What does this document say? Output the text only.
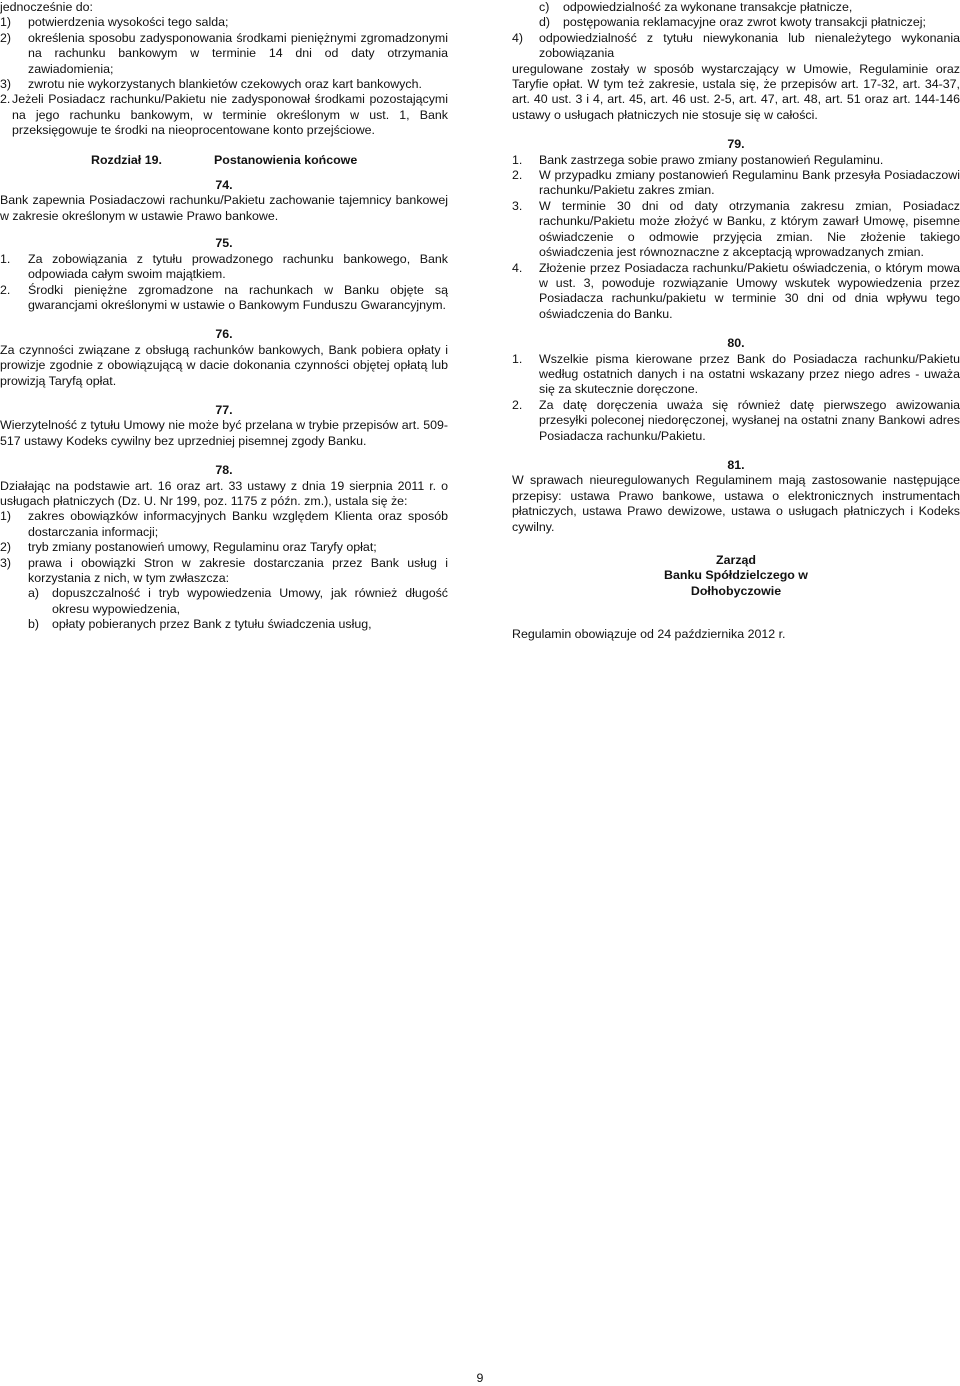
jednocześnie do:

1)	potwierdzenia wysokości tego salda;
2)	określenia sposobu zadysponowania środkami pieniężnymi zgromadzonymi na rachunku bankowym w terminie 14 dni od daty otrzymania zawiadomienia;
3)	zwrotu nie wykorzystanych blankietów czekowych oraz kart bankowych.
2. Jeżeli Posiadacz rachunku/Pakietu nie zadysponował środkami pozostającymi na jego rachunku bankowym, w terminie określonym w ust. 1, Bank przeksięgowuje te środki na nieoprocentowane konto przejściowe.
Rozdział 19.	Postanowienia końcowe

74.

Bank zapewnia Posiadaczowi rachunku/Pakietu zachowanie tajemnicy bankowej w zakresie określonym w ustawie Prawo bankowe.

75.

1.	Za zobowiązania z tytułu prowadzonego rachunku bankowego, Bank odpowiada całym swoim majątkiem.
2.	Środki pieniężne zgromadzone na rachunkach w Banku objęte są gwarancjami określonymi w ustawie o Bankowym Funduszu Gwarancyjnym.

76.

Za czynności związane z obsługą rachunków bankowych, Bank pobiera opłaty i prowizje zgodnie z obowiązującą w dacie dokonania czynności objętej opłatą lub prowizją Taryfą opłat.

77.

Wierzytelność z tytułu Umowy nie może być przelana w trybie przepisów art. 509-517 ustawy Kodeks cywilny bez uprzedniej pisemnej zgody Banku.

78.

Działając na podstawie art. 16 oraz art. 33 ustawy z dnia 19 sierpnia 2011 r. o usługach płatniczych (Dz. U. Nr 199, poz. 1175 z późn. zm.), ustala się że:

1)	zakres obowiązków informacyjnych Banku względem Klienta oraz sposób dostarczania informacji;
2)	tryb zmiany postanowień umowy, Regulaminu oraz Taryfy opłat;
3)	prawa i obowiązki Stron w zakresie dostarczania przez Bank usług i korzystania z nich, w tym zwłaszcza:
a)	dopuszczalność i tryb wypowiedzenia Umowy, jak również długość okresu wypowiedzenia,
b)	opłaty pobieranych przez Bank z tytułu świadczenia usług,
c)	odpowiedzialność za wykonane transakcje płatnicze,
d)	postępowania reklamacyjne oraz zwrot kwoty transakcji płatniczej;
4)	odpowiedzialność z tytułu niewykonania lub nienależytego wykonania zobowiązania

uregulowane zostały w sposób wystarczający w Umowie, Regulaminie oraz Taryfie opłat. W tym też zakresie, ustala się, że przepisów art. 17-32, art. 34-37, art. 40 ust. 3 i 4, art. 45, art. 46 ust. 2-5, art. 47, art. 48, art. 51 oraz art. 144-146 ustawy o usługach płatniczych nie stosuje się w całości.

79.

1.	Bank zastrzega sobie prawo zmiany postanowień Regulaminu.
2.	W przypadku zmiany postanowień Regulaminu Bank przesyła Posiadaczowi rachunku/Pakietu zakres zmian.
3.	W terminie 30 dni od daty otrzymania zakresu zmian, Posiadacz rachunku/Pakietu może złożyć w Banku, z którym zawarł Umowę, pisemne oświadczenie o odmowie przyjęcia zmian. Nie złożenie takiego oświadczenia jest równoznaczne z akceptacją wprowadzanych zmian.
4.	Złożenie przez Posiadacza rachunku/Pakietu oświadczenia, o którym mowa w ust. 3, powoduje rozwiązanie Umowy wskutek wypowiedzenia przez Posiadacza rachunku/pakietu w terminie 30 dni od dnia wpływu tego oświadczenia do Banku.

80.

1.	Wszelkie pisma kierowane przez Bank do Posiadacza rachunku/Pakietu według ostatnich danych i na ostatni wskazany przez niego adres - uważa się za skutecznie doręczone.
2.	Za datę doręczenia uważa się również datę pierwszego awizowania przesyłki poleconej niedoręczonej, wysłanej na ostatni znany Bankowi adres Posiadacza rachunku/Pakietu.

81.

W sprawach nieuregulowanych Regulaminem mają zastosowanie następujące przepisy: ustawa Prawo bankowe, ustawa o elektronicznych instrumentach płatniczych, ustawa Prawo dewizowe, ustawa o usługach płatniczych i Kodeks cywilny.

Zarząd

Banku Spółdzielczego w

Dołhobyczowie

Regulamin obowiązuje od 24 października 2012 r.

9
